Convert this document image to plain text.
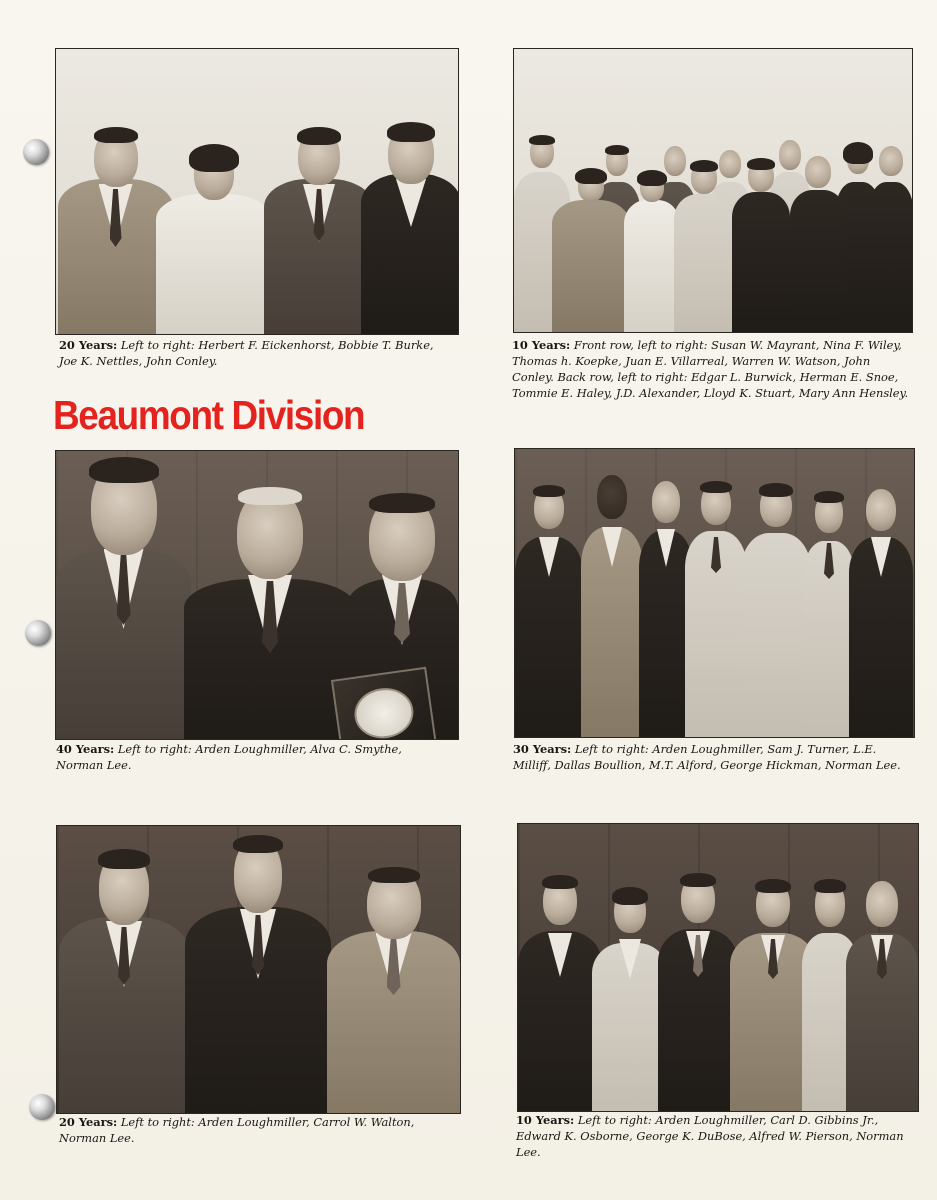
20 Years: Left to right: Herbert F. Eickenhorst, Bobbie T. Burke, Joe K. Nettles, John Conley.
10 Years: Front row, left to right: Susan W. Mayrant, Nina F. Wiley, Thomas h. Koepke, Juan E. Villarreal, Warren W. Watson, John Conley. Back row, left to right: Edgar L. Burwick, Herman E. Snoe, Tommie E. Haley, J.D. Alexander, Lloyd K. Stuart, Mary Ann Hensley.
Beaumont Division
40 Years: Left to right: Arden Loughmiller, Alva C. Smythe, Norman Lee.
30 Years: Left to right: Arden Loughmiller, Sam J. Turner, L.E. Milliff, Dallas Boullion, M.T. Alford, George Hickman, Norman Lee.
20 Years: Left to right: Arden Loughmiller, Carrol W. Walton, Norman Lee.
10 Years: Left to right: Arden Loughmiller, Carl D. Gibbins Jr., Edward K. Osborne, George K. DuBose, Alfred W. Pierson, Norman Lee.
